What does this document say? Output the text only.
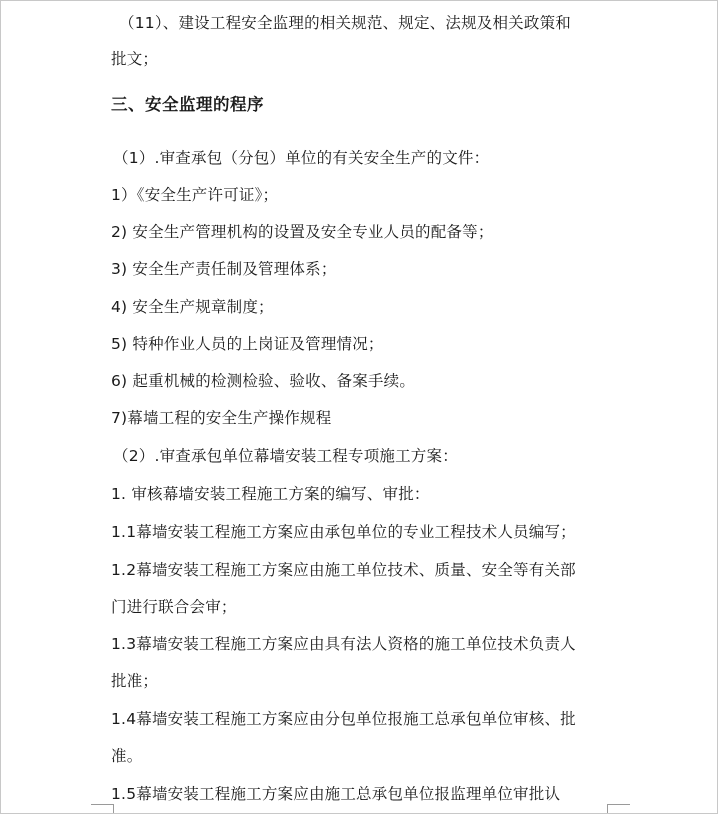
（11）、建设工程安全监理的相关规范、规定、法规及相关政策和
批文；
三、安全监理的程序
（1）.审查承包（分包）单位的有关安全生产的文件：
1）《安全生产许可证》；
2) 安全生产管理机构的设置及安全专业人员的配备等；
3) 安全生产责任制及管理体系；
4) 安全生产规章制度；
5) 特种作业人员的上岗证及管理情况；
6) 起重机械的检测检验、验收、备案手续。
7)幕墙工程的安全生产操作规程
（2）.审查承包单位幕墙安装工程专项施工方案：
1. 审核幕墙安装工程施工方案的编写、审批：
1.1幕墙安装工程施工方案应由承包单位的专业工程技术人员编写；
1.2幕墙安装工程施工方案应由施工单位技术、质量、安全等有关部
门进行联合会审；
1.3幕墙安装工程施工方案应由具有法人资格的施工单位技术负责人
批准；
1.4幕墙安装工程施工方案应由分包单位报施工总承包单位审核、批
准。
1.5幕墙安装工程施工方案应由施工总承包单位报监理单位审批认
